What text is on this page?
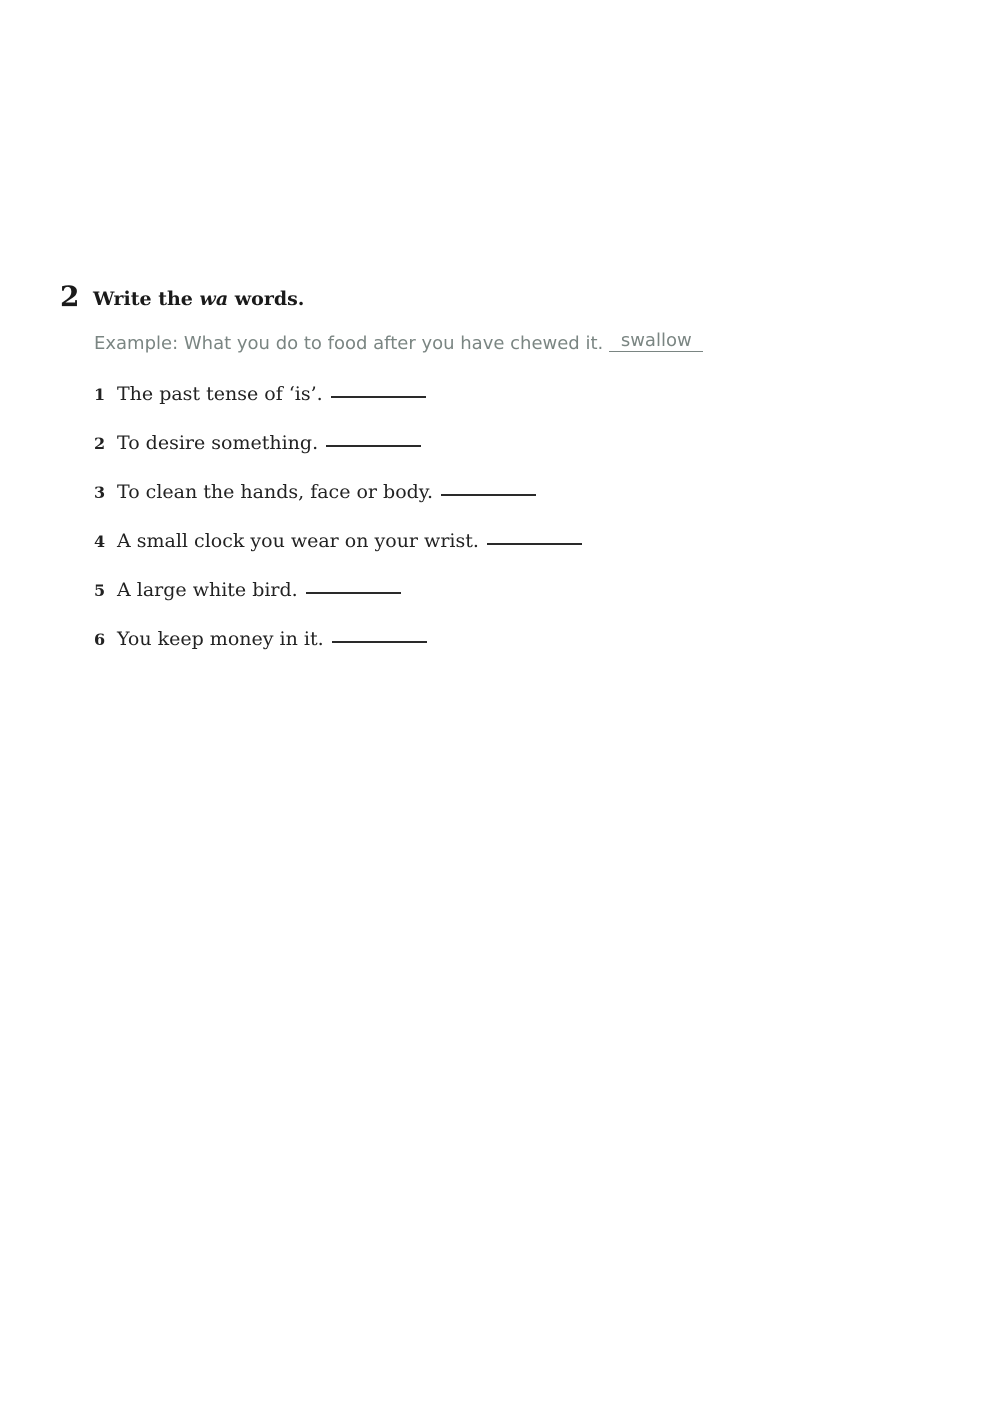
2 Write the wa words.
Example: What you do to food after you have chewed it. swallow
1 The past tense of ‘is’.
2 To desire something.
3 To clean the hands, face or body.
4 A small clock you wear on your wrist.
5 A large white bird.
6 You keep money in it.
